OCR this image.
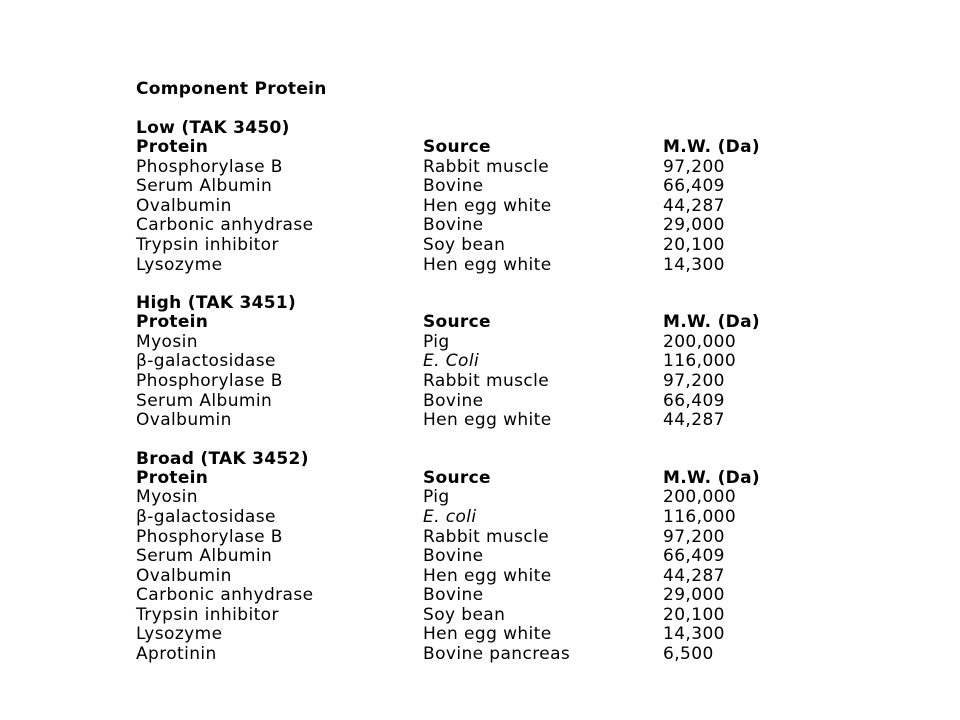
Component Protein
Low (TAK 3450)
Protein	Source	M.W. (Da)
Phosphorylase B	Rabbit muscle	97,200
Serum Albumin	Bovine	66,409
Ovalbumin	Hen egg white	44,287
Carbonic anhydrase	Bovine	29,000
Trypsin inhibitor	Soy bean	20,100
Lysozyme	Hen egg white	14,300
High (TAK 3451)
Protein	Source	M.W. (Da)
Myosin	Pig	200,000
β-galactosidase	E. Coli	116,000
Phosphorylase B	Rabbit muscle	97,200
Serum Albumin	Bovine	66,409
Ovalbumin	Hen egg white	44,287
Broad (TAK 3452)
Protein	Source	M.W. (Da)
Myosin	Pig	200,000
β-galactosidase	E. coli	116,000
Phosphorylase B	Rabbit muscle	97,200
Serum Albumin	Bovine	66,409
Ovalbumin	Hen egg white	44,287
Carbonic anhydrase	Bovine	29,000
Trypsin inhibitor	Soy bean	20,100
Lysozyme	Hen egg white	14,300
Aprotinin	Bovine pancreas	6,500
